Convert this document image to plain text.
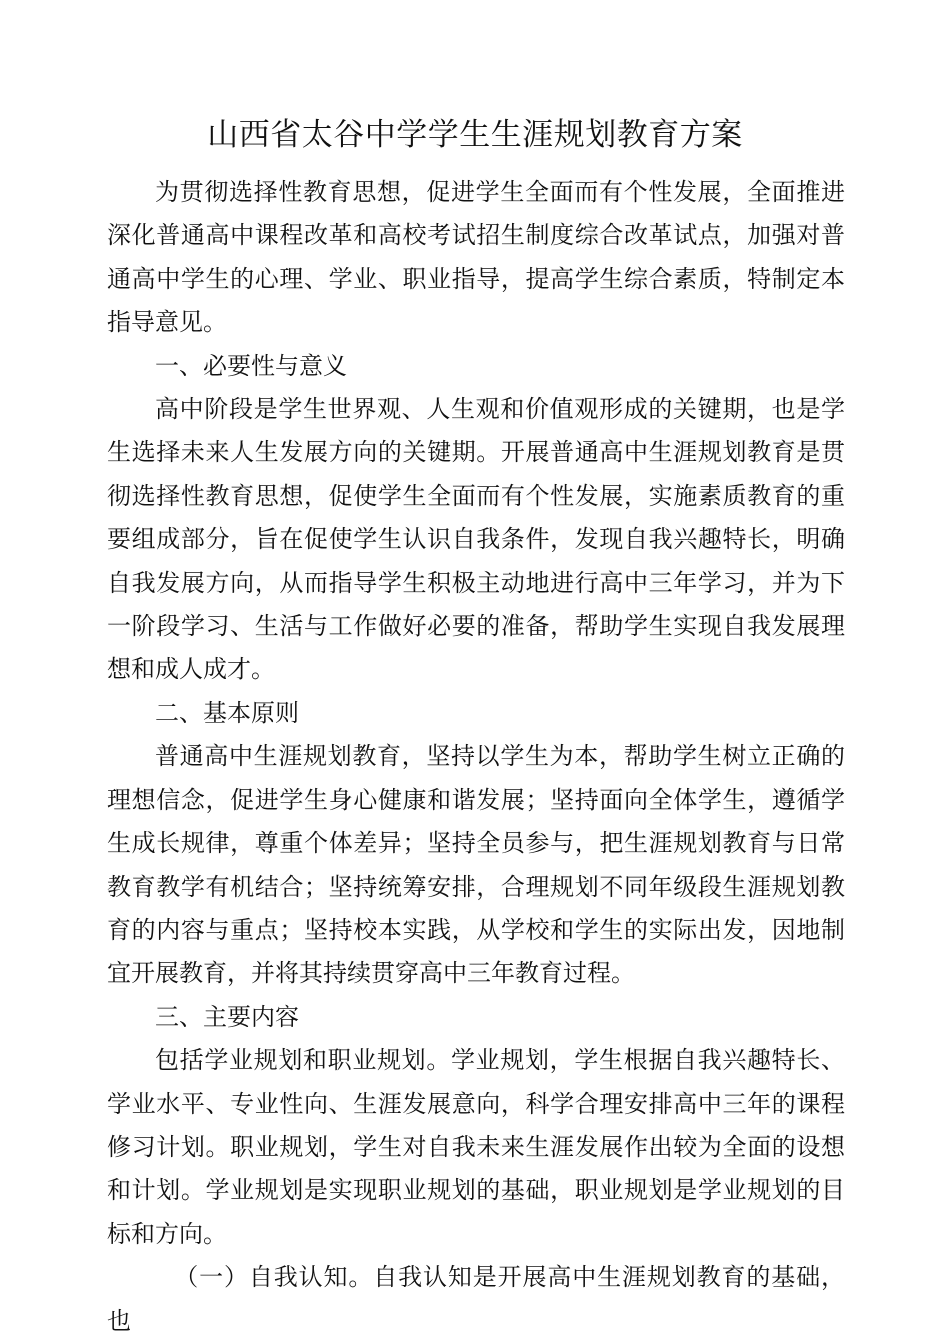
山西省太谷中学学生生涯规划教育方案

为贯彻选择性教育思想，促进学生全面而有个性发展，全面推进深化普通高中课程改革和高校考试招生制度综合改革试点，加强对普通高中学生的心理、学业、职业指导，提高学生综合素质，特制定本指导意见。

一、必要性与意义

高中阶段是学生世界观、人生观和价值观形成的关键期，也是学生选择未来人生发展方向的关键期。开展普通高中生涯规划教育是贯彻选择性教育思想，促使学生全面而有个性发展，实施素质教育的重要组成部分，旨在促使学生认识自我条件，发现自我兴趣特长，明确自我发展方向，从而指导学生积极主动地进行高中三年学习，并为下一阶段学习、生活与工作做好必要的准备，帮助学生实现自我发展理想和成人成才。

二、基本原则

普通高中生涯规划教育，坚持以学生为本，帮助学生树立正确的理想信念，促进学生身心健康和谐发展；坚持面向全体学生，遵循学生成长规律，尊重个体差异；坚持全员参与，把生涯规划教育与日常教育教学有机结合；坚持统筹安排，合理规划不同年级段生涯规划教育的内容与重点；坚持校本实践，从学校和学生的实际出发，因地制宜开展教育，并将其持续贯穿高中三年教育过程。

三、主要内容

包括学业规划和职业规划。学业规划，学生根据自我兴趣特长、学业水平、专业性向、生涯发展意向，科学合理安排高中三年的课程修习计划。职业规划，学生对自我未来生涯发展作出较为全面的设想和计划。学业规划是实现职业规划的基础，职业规划是学业规划的目标和方向。

（一）自我认知。自我认知是开展高中生涯规划教育的基础，也
